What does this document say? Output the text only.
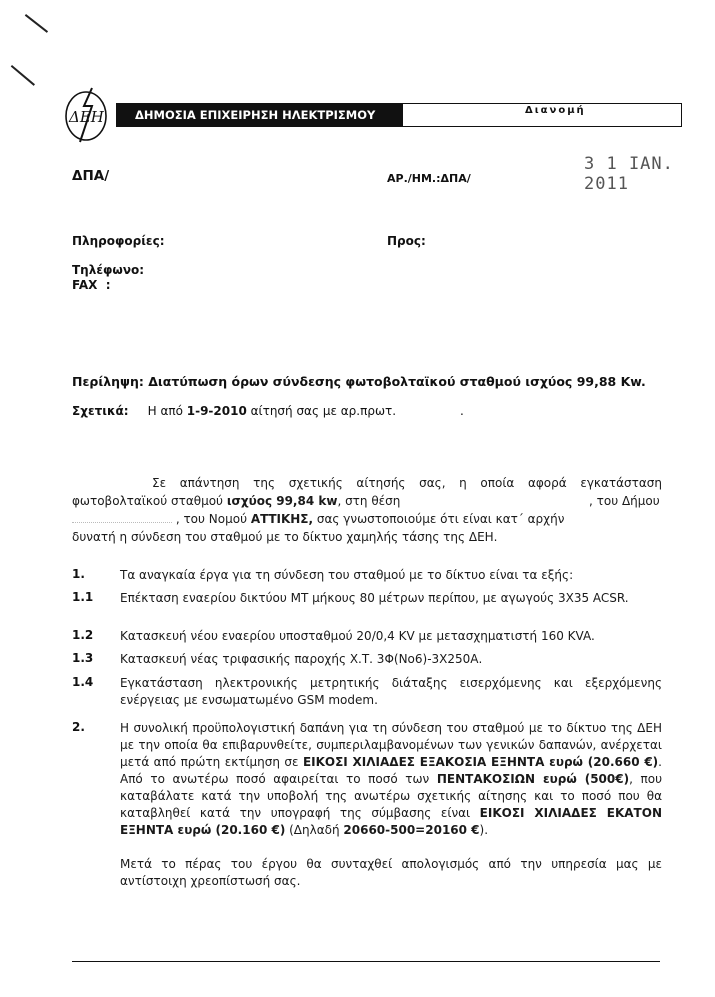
ΔΕΗ	ΔΗΜΟΣΙΑ ΕΠΙΧΕΙΡΗΣΗ ΗΛΕΚΤΡΙΣΜΟΥ Α.Ε.
Διανομή
3 1 ΙΑΝ. 2011
ΔΠΑ/	ΑΡ./ΗΜ.:ΔΠΑ/
Πληροφορίες:	Προς:
Τηλέφωνο:
FAX  :
Περίληψη: Διατύπωση όρων σύνδεσης φωτοβολταϊκού σταθμού ισχύος 99,88 Kw.
Σχετικά: Η από 1-9-2010 αίτησή σας με αρ.πρωτ.	.
Σε απάντηση της σχετικής αίτησής σας, η οποία αφορά εγκατάσταση
φωτοβολταϊκού σταθμού ισχύος 99,84 kw, στη θέση	, του Δήμου
, του Νομού ΑΤΤΙΚΗΣ, σας γνωστοποιούμε ότι είναι κατ΄ αρχήν
δυνατή η σύνδεση του σταθμού με το δίκτυο χαμηλής τάσης της ΔΕΗ.
1.	Τα αναγκαία έργα για τη σύνδεση του σταθμού με το δίκτυο είναι τα εξής:
1.1 Επέκταση εναερίου δικτύου ΜΤ μήκους 80 μέτρων περίπου, με αγωγούς 3Χ35 ACSR.
1.2 Κατασκευή νέου εναερίου υποσταθμού 20/0,4 KV με μετασχηματιστή 160 KVA.
1.3 Κατασκευή νέας τριφασικής παροχής Χ.Τ. 3Φ(Νο6)-3Χ250Α.
1.4 Εγκατάσταση ηλεκτρονικής μετρητικής διάταξης εισερχόμενης και εξερχόμενης ενέργειας με ενσωματωμένο GSM modem.
2.	Η συνολική προϋπολογιστική δαπάνη για τη σύνδεση του σταθμού με το δίκτυο της ΔΕΗ με την οποία θα επιβαρυνθείτε, συμπεριλαμβανομένων των γενικών δαπανών, ανέρχεται μετά από πρώτη εκτίμηση σε ΕΙΚΟΣΙ ΧΙΛΙΑΔΕΣ ΕΞΑΚΟΣΙΑ ΕΞΗΝΤΑ ευρώ (20.660 €). Από το ανωτέρω ποσό αφαιρείται το ποσό των ΠΕΝΤΑΚΟΣΙΩΝ ευρώ (500€), που καταβάλατε κατά την υποβολή της ανωτέρω σχετικής αίτησης και το ποσό που θα καταβληθεί κατά την υπογραφή της σύμβασης είναι ΕΙΚΟΣΙ ΧΙΛΙΑΔΕΣ ΕΚΑΤΟΝ ΕΞΗΝΤΑ ευρώ (20.160 €) (Δηλαδή 20660-500=20160 €).
Μετά το πέρας του έργου θα συνταχθεί απολογισμός από την υπηρεσία μας με αντίστοιχη χρεοπίστωσή σας.
